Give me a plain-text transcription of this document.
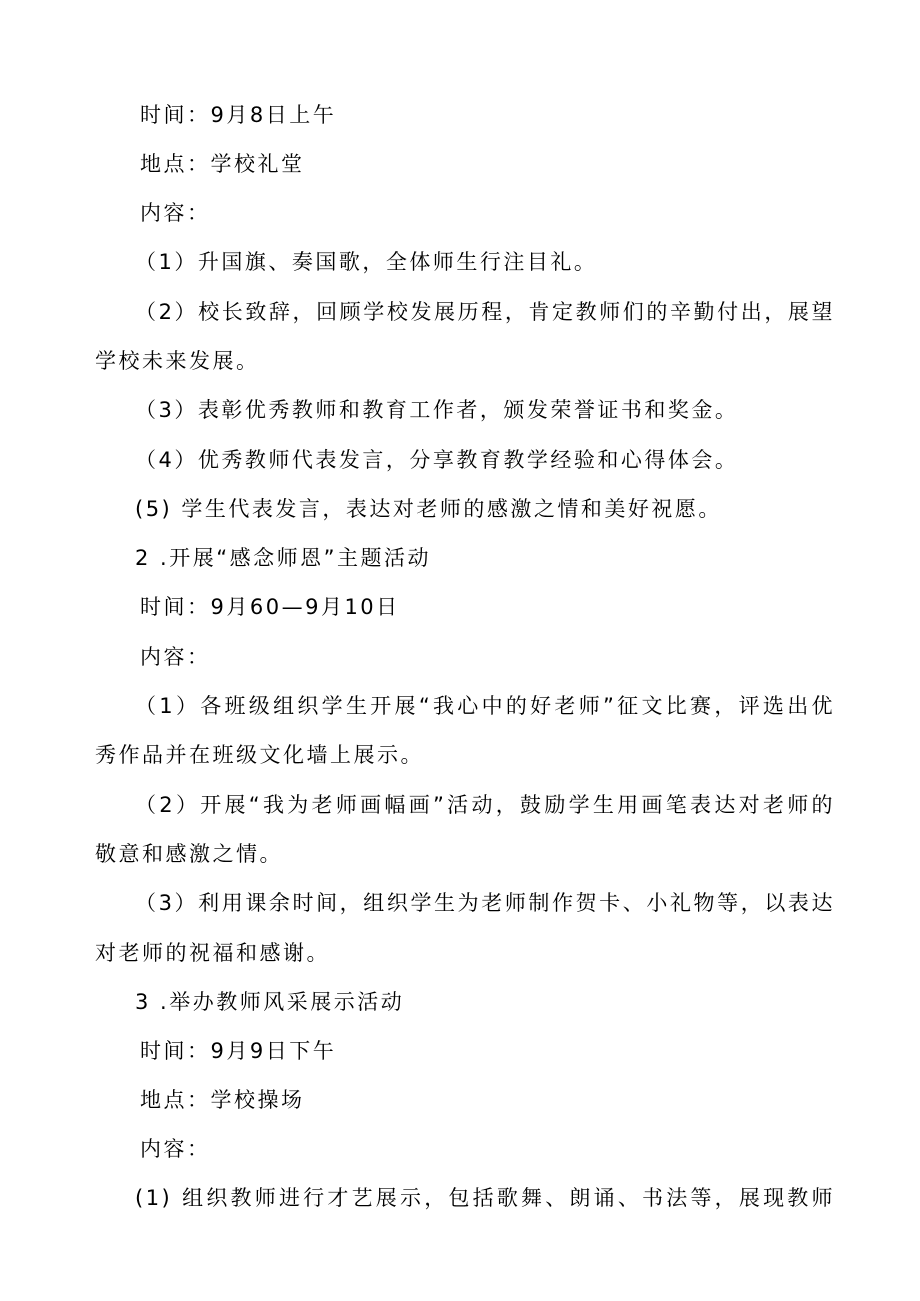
时间：9月8日上午
地点：学校礼堂
内容：
（1）升国旗、奏国歌，全体师生行注目礼。
（2）校长致辞，回顾学校发展历程，肯定教师们的辛勤付出，展望
学校未来发展。
（3）表彰优秀教师和教育工作者，颁发荣誉证书和奖金。
（4）优秀教师代表发言，分享教育教学经验和心得体会。
(5) 学生代表发言，表达对老师的感激之情和美好祝愿。
2 .开展“感念师恩”主题活动
时间：9月60—9月10日
内容：
（1）各班级组织学生开展“我心中的好老师”征文比赛，评选出优
秀作品并在班级文化墙上展示。
（2）开展“我为老师画幅画”活动，鼓励学生用画笔表达对老师的
敬意和感激之情。
（3）利用课余时间，组织学生为老师制作贺卡、小礼物等，以表达
对老师的祝福和感谢。
3 .举办教师风采展示活动
时间：9月9日下午
地点：学校操场
内容：
(1) 组织教师进行才艺展示，包括歌舞、朗诵、书法等，展现教师
